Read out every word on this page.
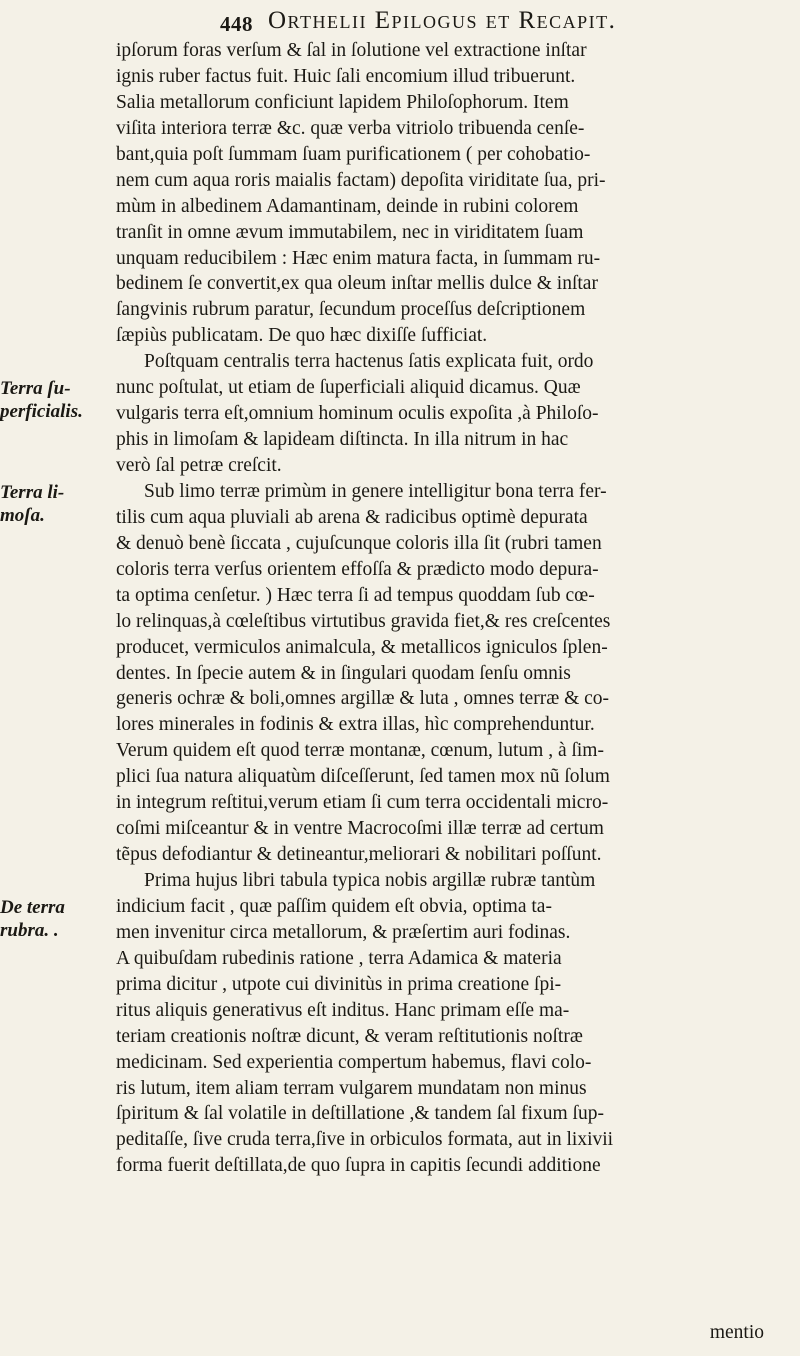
448 Orthelii Epilogus et Recapit.
Terra ſu-
perficialis.
Terra li-
moſa.
De terra
rubra. .
ipſorum foras verſum & ſal in ſolutione vel extractione inſtar
ignis ruber factus fuit. Huic ſali encomium illud tribuerunt.
Salia metallorum conficiunt lapidem Philoſophorum. Item
viſita interiora terræ &c. quæ verba vitriolo tribuenda cenſe-
bant,quia poſt ſummam ſuam purificationem ( per cohobatio-
nem cum aqua roris maialis factam) depoſita viriditate ſua, pri-
mùm in albedinem Adamantinam, deinde in rubini colorem
tranſit in omne ævum immutabilem, nec in viriditatem ſuam
unquam reducibilem : Hæc enim matura facta, in ſummam ru-
bedinem ſe convertit,ex qua oleum inſtar mellis dulce & inſtar
ſangvinis rubrum paratur, ſecundum proceſſus deſcriptionem
ſæpiùs publicatam. De quo hæc dixiſſe ſufficiat.
Poſtquam centralis terra hactenus ſatis explicata fuit, ordo
nunc poſtulat, ut etiam de ſuperficiali aliquid dicamus. Quæ
vulgaris terra eſt,omnium hominum oculis expoſita ,à Philoſo-
phis in limoſam & lapideam diſtincta. In illa nitrum in hac
verò ſal petræ creſcit.
Sub limo terræ primùm in genere intelligitur bona terra fer-
tilis cum aqua pluviali ab arena & radicibus optimè depurata
& denuò benè ſiccata , cujuſcunque coloris illa ſit (rubri tamen
coloris terra verſus orientem effoſſa & prædicto modo depura-
ta optima cenſetur. ) Hæc terra ſi ad tempus quoddam ſub cœ-
lo relinquas,à cœleſtibus virtutibus gravida fiet,& res creſcentes
producet, vermiculos animalcula, & metallicos igniculos ſplen-
dentes. In ſpecie autem & in ſingulari quodam ſenſu omnis
generis ochræ & boli,omnes argillæ & luta , omnes terræ & co-
lores minerales in fodinis & extra illas, hìc comprehenduntur.
Verum quidem eſt quod terræ montanæ, cœnum, lutum , à ſim-
plici ſua natura aliquatùm diſceſſerunt, ſed tamen mox nũ ſolum
in integrum reſtitui,verum etiam ſi cum terra occidentali micro-
coſmi miſceantur & in ventre Macrocoſmi illæ terræ ad certum
tẽpus defodiantur & detineantur,meliorari & nobilitari poſſunt.
Prima hujus libri tabula typica nobis argillæ rubræ tantùm
indicium facit , quæ paſſim quidem eſt obvia, optima ta-
men invenitur circa metallorum, & præſertim auri fodinas.
A quibuſdam rubedinis ratione , terra Adamica & materia
prima dicitur , utpote cui divinitùs in prima creatione ſpi-
ritus aliquis generativus eſt inditus. Hanc primam eſſe ma-
teriam creationis noſtræ dicunt, & veram reſtitutionis noſtræ
medicinam. Sed experientia compertum habemus, flavi colo-
ris lutum, item aliam terram vulgarem mundatam non minus
ſpiritum & ſal volatile in deſtillatione ,& tandem ſal fixum ſup-
peditaſſe, ſive cruda terra,ſive in orbiculos formata, aut in lixivii
forma fuerit deſtillata,de quo ſupra in capitis ſecundi additione
mentio
